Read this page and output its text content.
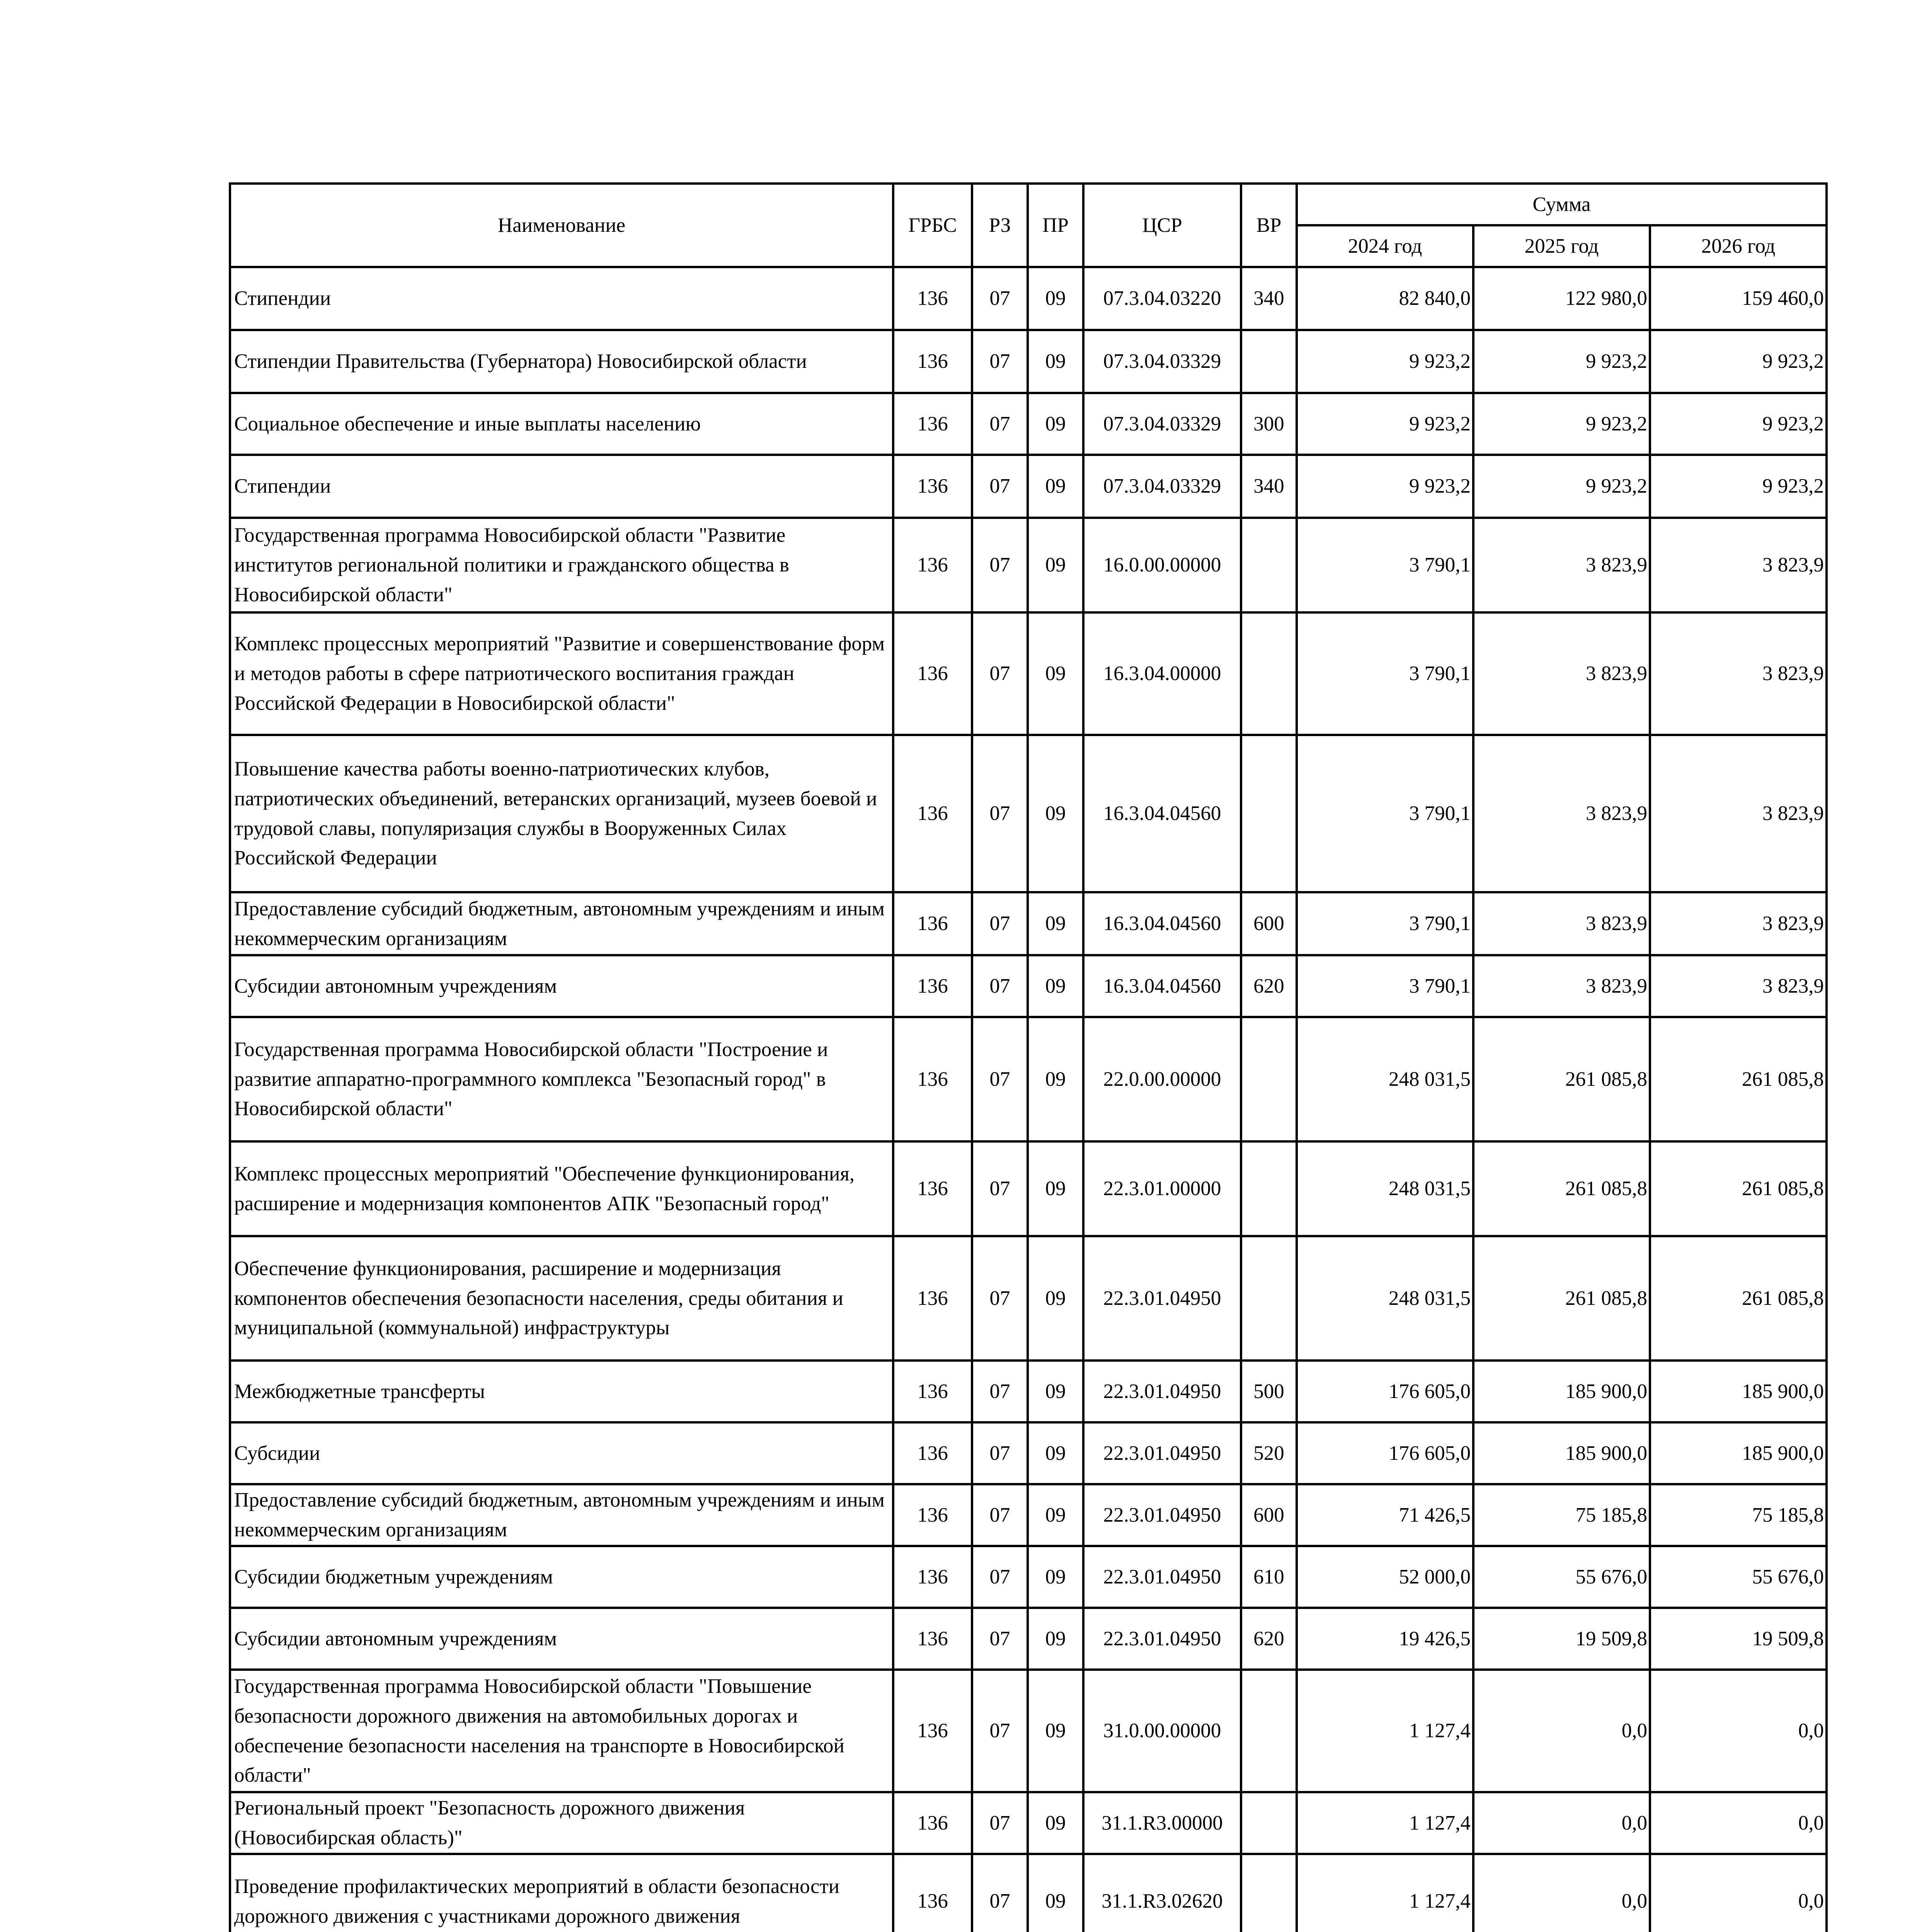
Наименование	ГРБС	РЗ	ПР	ЦСР	ВР	Сумма		
						2024 год	2025 год	2026 год
Стипендии	136	07	09	07.3.04.03220	340	82 840,0	122 980,0	159 460,0
Стипендии Правительства (Губернатора) Новосибирской области	136	07	09	07.3.04.03329		9 923,2	9 923,2	9 923,2
Социальное обеспечение и иные выплаты населению	136	07	09	07.3.04.03329	300	9 923,2	9 923,2	9 923,2
Стипендии	136	07	09	07.3.04.03329	340	9 923,2	9 923,2	9 923,2
Государственная программа Новосибирской области "Развитие институтов региональной политики и гражданского общества в Новосибирской области"	136	07	09	16.0.00.00000		3 790,1	3 823,9	3 823,9
Комплекс процессных мероприятий "Развитие и совершенствование форм и методов работы в сфере патриотического воспитания граждан Российской Федерации в Новосибирской области"	136	07	09	16.3.04.00000		3 790,1	3 823,9	3 823,9
Повышение качества работы военно-патриотических клубов, патриотических объединений, ветеранских организаций, музеев боевой и трудовой славы, популяризация службы в Вооруженных Силах Российской Федерации	136	07	09	16.3.04.04560		3 790,1	3 823,9	3 823,9
Предоставление субсидий бюджетным, автономным учреждениям и иным некоммерческим организациям	136	07	09	16.3.04.04560	600	3 790,1	3 823,9	3 823,9
Субсидии автономным учреждениям	136	07	09	16.3.04.04560	620	3 790,1	3 823,9	3 823,9
Государственная программа Новосибирской области "Построение и развитие аппаратно-программного комплекса "Безопасный город" в Новосибирской области"	136	07	09	22.0.00.00000		248 031,5	261 085,8	261 085,8
Комплекс процессных мероприятий "Обеспечение функционирования, расширение и модернизация компонентов АПК "Безопасный город"	136	07	09	22.3.01.00000		248 031,5	261 085,8	261 085,8
Обеспечение функционирования, расширение и модернизация компонентов обеспечения безопасности населения, среды обитания и муниципальной (коммунальной) инфраструктуры	136	07	09	22.3.01.04950		248 031,5	261 085,8	261 085,8
Межбюджетные трансферты	136	07	09	22.3.01.04950	500	176 605,0	185 900,0	185 900,0
Субсидии	136	07	09	22.3.01.04950	520	176 605,0	185 900,0	185 900,0
Предоставление субсидий бюджетным, автономным учреждениям и иным некоммерческим организациям	136	07	09	22.3.01.04950	600	71 426,5	75 185,8	75 185,8
Субсидии бюджетным учреждениям	136	07	09	22.3.01.04950	610	52 000,0	55 676,0	55 676,0
Субсидии автономным учреждениям	136	07	09	22.3.01.04950	620	19 426,5	19 509,8	19 509,8
Государственная программа Новосибирской области "Повышение безопасности дорожного движения на автомобильных дорогах и обеспечение безопасности населения на транспорте в Новосибирской области"	136	07	09	31.0.00.00000		1 127,4	0,0	0,0
Региональный проект "Безопасность дорожного движения (Новосибирская область)"	136	07	09	31.1.R3.00000		1 127,4	0,0	0,0
Проведение профилактических мероприятий в области безопасности дорожного движения с участниками дорожного движения	136	07	09	31.1.R3.02620		1 127,4	0,0	0,0
